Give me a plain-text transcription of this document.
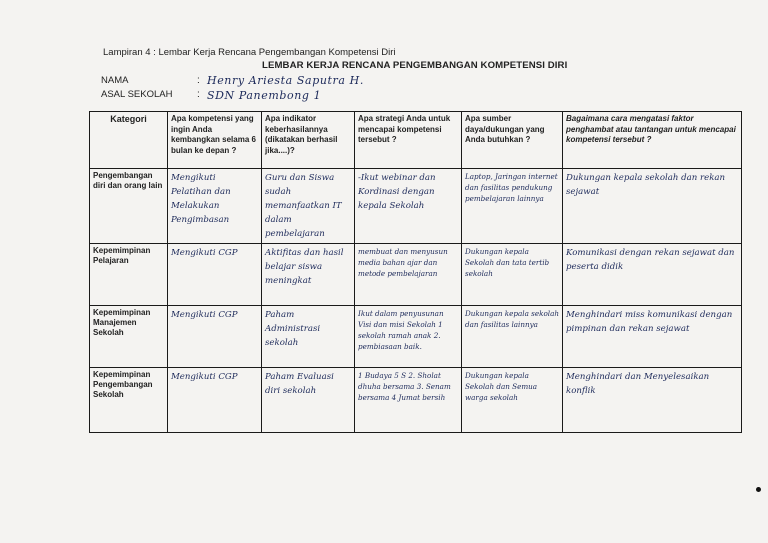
Lampiran 4 : Lembar Kerja Rencana Pengembangan Kompetensi Diri
LEMBAR KERJA RENCANA PENGEMBANGAN KOMPETENSI DIRI
NAMA	: Henry Ariesta Saputra H.
ASAL SEKOLAH : SDN Panembong 1
Kategori	Apa kompetensi yang ingin Anda kembangkan selama 6 bulan ke depan ?	Apa indikator keberhasilannya (dikatakan berhasil jika....)?	Apa strategi Anda untuk mencapai kompetensi tersebut ?	Apa sumber daya/dukungan yang Anda butuhkan ?	Bagaimana cara mengatasi faktor penghambat atau tantangan untuk mencapai kompetensi tersebut ?
Pengembangan diri dan orang lain	Mengikuti Pelatihan dan Melakukan Pengimbasan	Guru dan Siswa sudah memanfaatkan IT dalam pembelajaran	-Ikut webinar dan Kordinasi dengan kepala Sekolah	Laptop, Jaringan internet dan fasilitas pendukung pembelajaran lainnya	Dukungan kepala sekolah dan rekan sejawat
Kepemimpinan Pelajaran	Mengikuti CGP	Aktifitas dan hasil belajar siswa meningkat	membuat dan menyusun media bahan ajar dan metode pembelajaran	Dukungan kepala Sekolah dan tata tertib sekolah	Komunikasi dengan rekan sejawat dan peserta didik
Kepemimpinan Manajemen Sekolah	Mengikuti CGP	Paham Administrasi sekolah	Ikut dalam penyusunan Visi dan misi Sekolah 1 sekolah ramah anak 2. pembiasaan baik.	Dukungan kepala sekolah dan fasilitas lainnya	Menghindari miss komunikasi dengan pimpinan dan rekan sejawat
Kepemimpinan Pengembangan Sekolah	Mengikuti CGP	Paham Evaluasi diri sekolah	1 Budaya 5 S 2. Sholat dhuha bersama 3. Senam bersama 4 Jumat bersih	Dukungan kepala Sekolah dan Semua warga sekolah	Menghindari dan Menyelesaikan konflik
